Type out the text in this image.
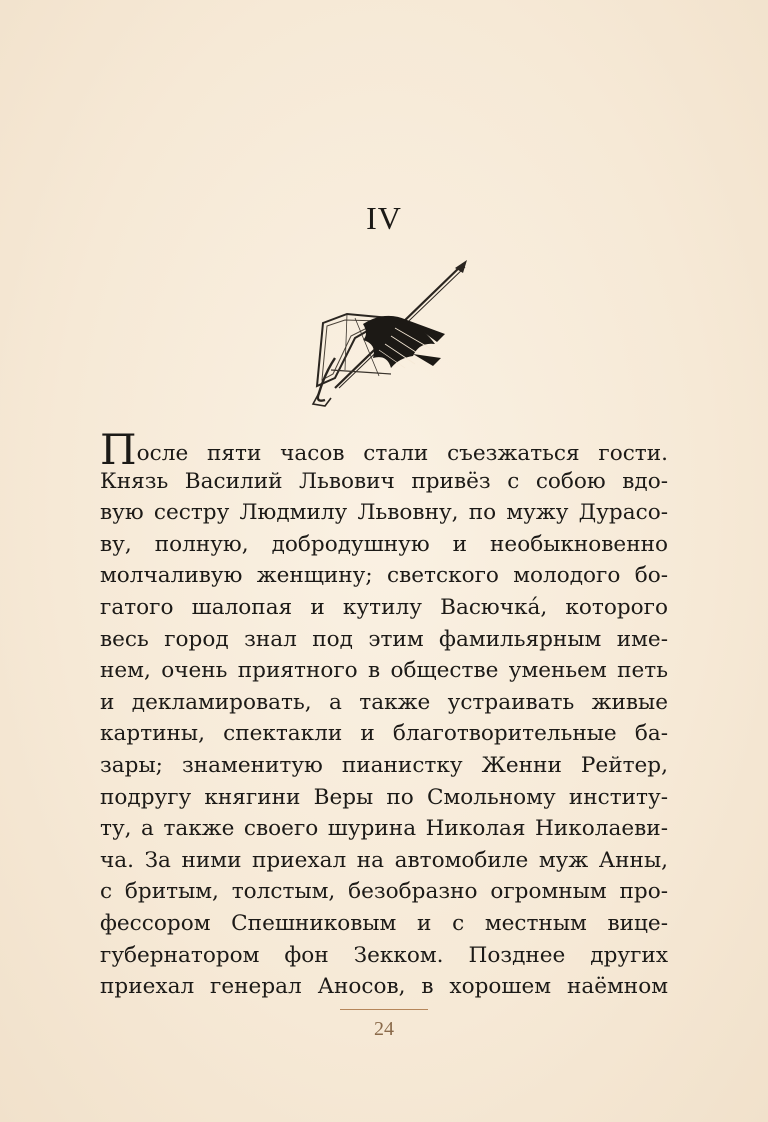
IV
После пяти часов стали съезжаться гости.
Князь Василий Львович привёз с собою вдо-
вую сестру Людмилу Львовну, по мужу Дурасо-
ву, полную, добродушную и необыкновенно
молчаливую женщину; светского молодого бо-
гатого шалопая и кутилу Васючка́, которого
весь город знал под этим фамильярным име-
нем, очень приятного в обществе уменьем петь
и декламировать, а также устраивать живые
картины, спектакли и благотворительные ба-
зары; знаменитую пианистку Женни Рейтер,
подругу княгини Веры по Смольному институ-
ту, а также своего шурина Николая Николаеви-
ча. За ними приехал на автомобиле муж Анны,
с бритым, толстым, безобразно огромным про-
фессором Спешниковым и с местным вице-
губернатором фон Зекком. Позднее других
приехал генерал Аносов, в хорошем наёмном
24
